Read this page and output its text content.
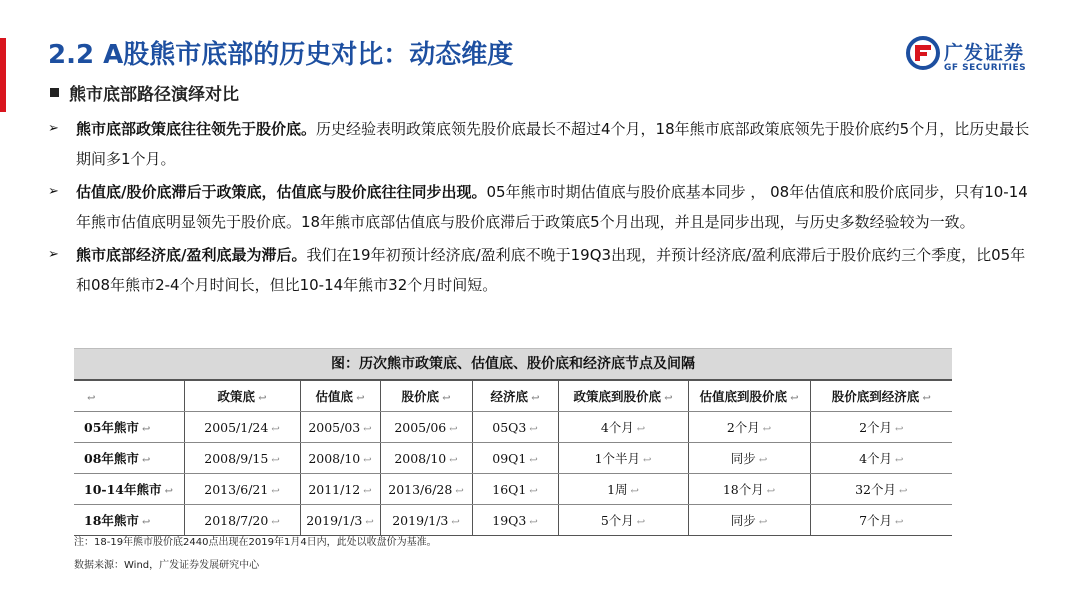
2.2 A股熊市底部的历史对比：动态维度	广发证券
GF SECURITIES
熊市底部路径演绎对比
➢ 熊市底部政策底往往领先于股价底。历史经验表明政策底领先股价底最长不超过4个月，18年熊市底部政策底领先于股价底约5个月，比历史最长期间多1个月。
➢ 估值底/股价底滞后于政策底，估值底与股价底往往同步出现。05年熊市时期估值底与股价底基本同步 ， 08年估值底和股价底同步，只有10-14年熊市估值底明显领先于股价底。18年熊市底部估值底与股价底滞后于政策底5个月出现，并且是同步出现，与历史多数经验较为一致。
➢ 熊市底部经济底/盈利底最为滞后。我们在19年初预计经济底/盈利底不晚于19Q3出现，并预计经济底/盈利底滞后于股价底约三个季度，比05年和08年熊市2-4个月时间长，但比10-14年熊市32个月时间短。
图：历次熊市政策底、估值底、股价底和经济底节点及间隔
↩	政策底 ↩	估值底 ↩	股价底 ↩	经济底 ↩	政策底到股价底 ↩	估值底到股价底 ↩	股价底到经济底 ↩
05年熊市 ↩	2005/1/24 ↩	2005/03 ↩	2005/06 ↩	05Q3 ↩	4个月 ↩	2个月 ↩	2个月 ↩
08年熊市 ↩	2008/9/15 ↩	2008/10 ↩	2008/10 ↩	09Q1 ↩	1个半月 ↩	同步 ↩	4个月 ↩
10-14年熊市 ↩	2013/6/21 ↩	2011/12 ↩	2013/6/28 ↩	16Q1 ↩	1周 ↩	18个月 ↩	32个月 ↩
18年熊市 ↩	2018/7/20 ↩	2019/1/3 ↩	2019/1/3 ↩	19Q3 ↩	5个月 ↩	同步 ↩	7个月 ↩
注：18-19年熊市股价底2440点出现在2019年1月4日内，此处以收盘价为基准。
数据来源：Wind，广发证券发展研究中心
